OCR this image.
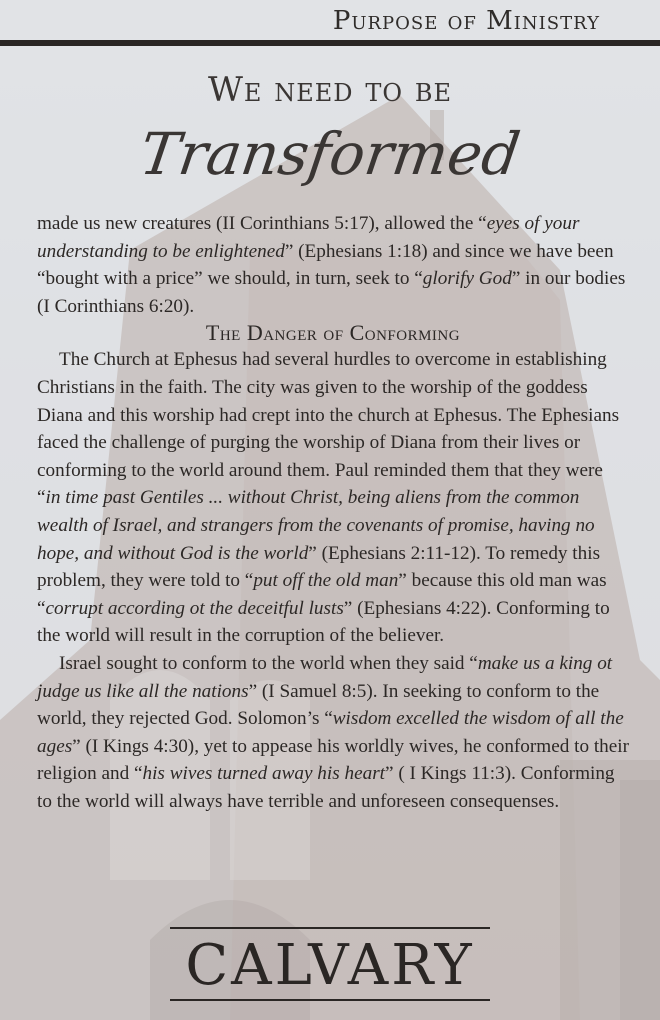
Purpose of Ministry
We need to be
Transformed

made us new creatures (II Corinthians 5:17), allowed the “eyes of your understanding to be enlightened” (Ephesians 1:18) and since we have been “bought with a price” we should, in turn, seek to “glorify God” in our bodies (I Corinthians 6:20).

The Danger of Conforming

The Church at Ephesus had several hurdles to overcome in establishing Christians in the faith. The city was given to the worship of the goddess Diana and this worship had crept into the church at Ephesus. The Ephesians faced the challenge of purging the worship of Diana from their lives or conforming to the world around them. Paul reminded them that they were “in time past Gentiles ... without Christ, being aliens from the common wealth of Israel, and strangers from the covenants of promise, having no hope, and without God is the world” (Ephesians 2:11-12). To remedy this problem, they were told to “put off the old man” because this old man was “corrupt according ot the deceitful lusts” (Ephesians 4:22). Conforming to the world will result in the corruption of the believer.

Israel sought to conform to the world when they said “make us a king ot judge us like all the nations” (I Samuel 8:5). In seeking to conform to the world, they rejected God. Solomon’s “wisdom excelled the wisdom of all the ages” (I Kings 4:30), yet to appease his worldly wives, he conformed to their religion and “his wives turned away his heart” ( I Kings 11:3). Conforming to the world will always have terrible and unforeseen consequenses.

CALVARY
